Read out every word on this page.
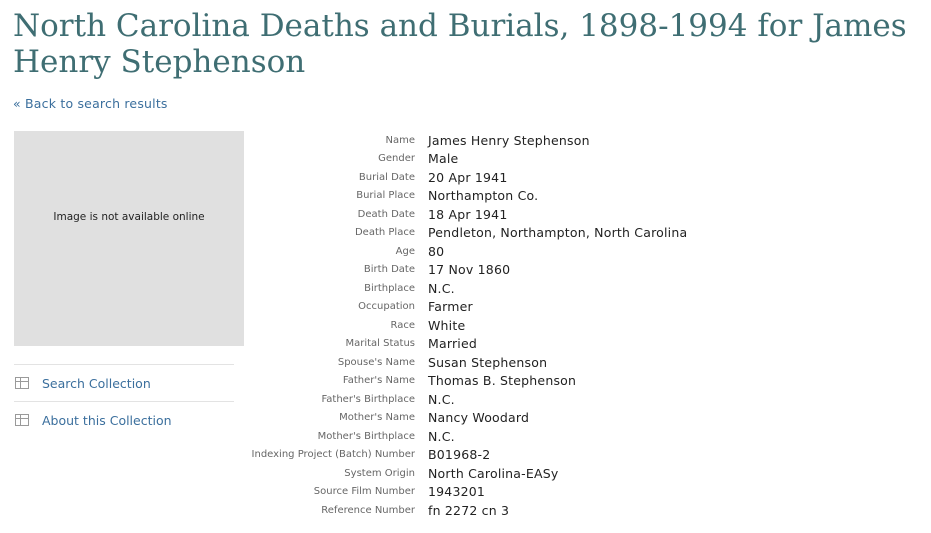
North Carolina Deaths and Burials, 1898-1994 for James Henry Stephenson
« Back to search results
Image is not available online
Search Collection
About this Collection
Name	James Henry Stephenson
Gender	Male
Burial Date	20 Apr 1941
Burial Place	Northampton Co.
Death Date	18 Apr 1941
Death Place	Pendleton, Northampton, North Carolina
Age	80
Birth Date	17 Nov 1860
Birthplace	N.C.
Occupation	Farmer
Race	White
Marital Status	Married
Spouse's Name	Susan Stephenson
Father's Name	Thomas B. Stephenson
Father's Birthplace	N.C.
Mother's Name	Nancy Woodard
Mother's Birthplace	N.C.
Indexing Project (Batch) Number	B01968-2
System Origin	North Carolina-EASy
Source Film Number	1943201
Reference Number	fn 2272 cn 3
